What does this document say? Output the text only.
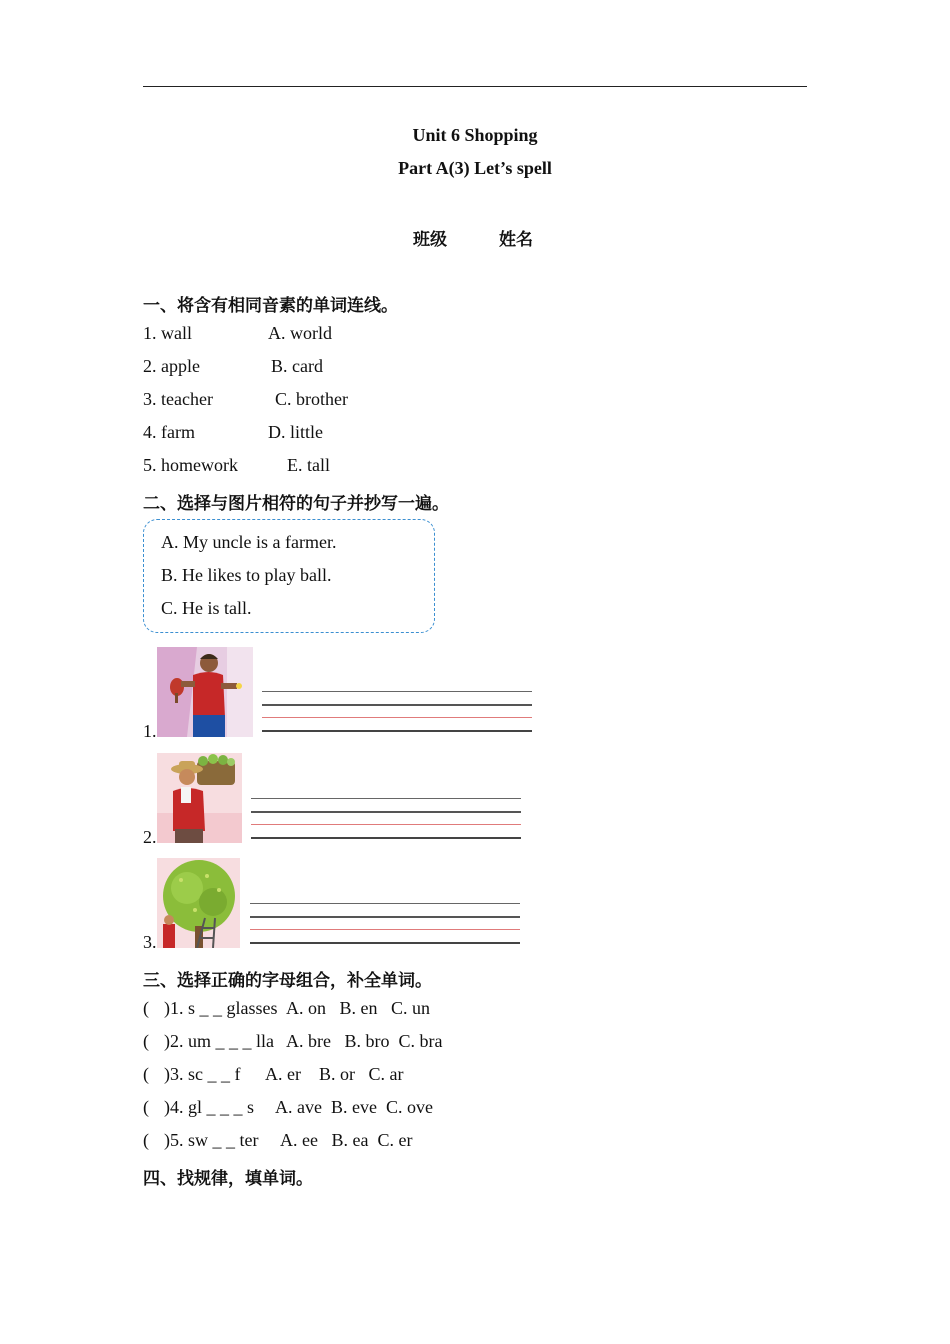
Unit 6 Shopping
Part A(3) Let’s spell
班级	姓名
一、将含有相同音素的单词连线。
1. wall	A. world
2. apple	B. card
3. teacher	C. brother
4. farm	D. little
5. homework	E. tall
二、选择与图片相符的句子并抄写一遍。
A. My uncle is a farmer.
B. He likes to play ball.
C. He is tall.
1.
2.
3.
三、选择正确的字母组合，补全单词。
( )1. s _ _ glasses A. on   B. en   C. un
( )2. um _ _ _ lla A. bre   B. bro  C. bra
( )3. sc _ _ f A. er    B. or   C. ar
( )4. gl _ _ _ s A. ave  B. eve  C. ove
( )5. sw _ _ ter A. ee   B. ea  C. er
四、找规律，填单词。
